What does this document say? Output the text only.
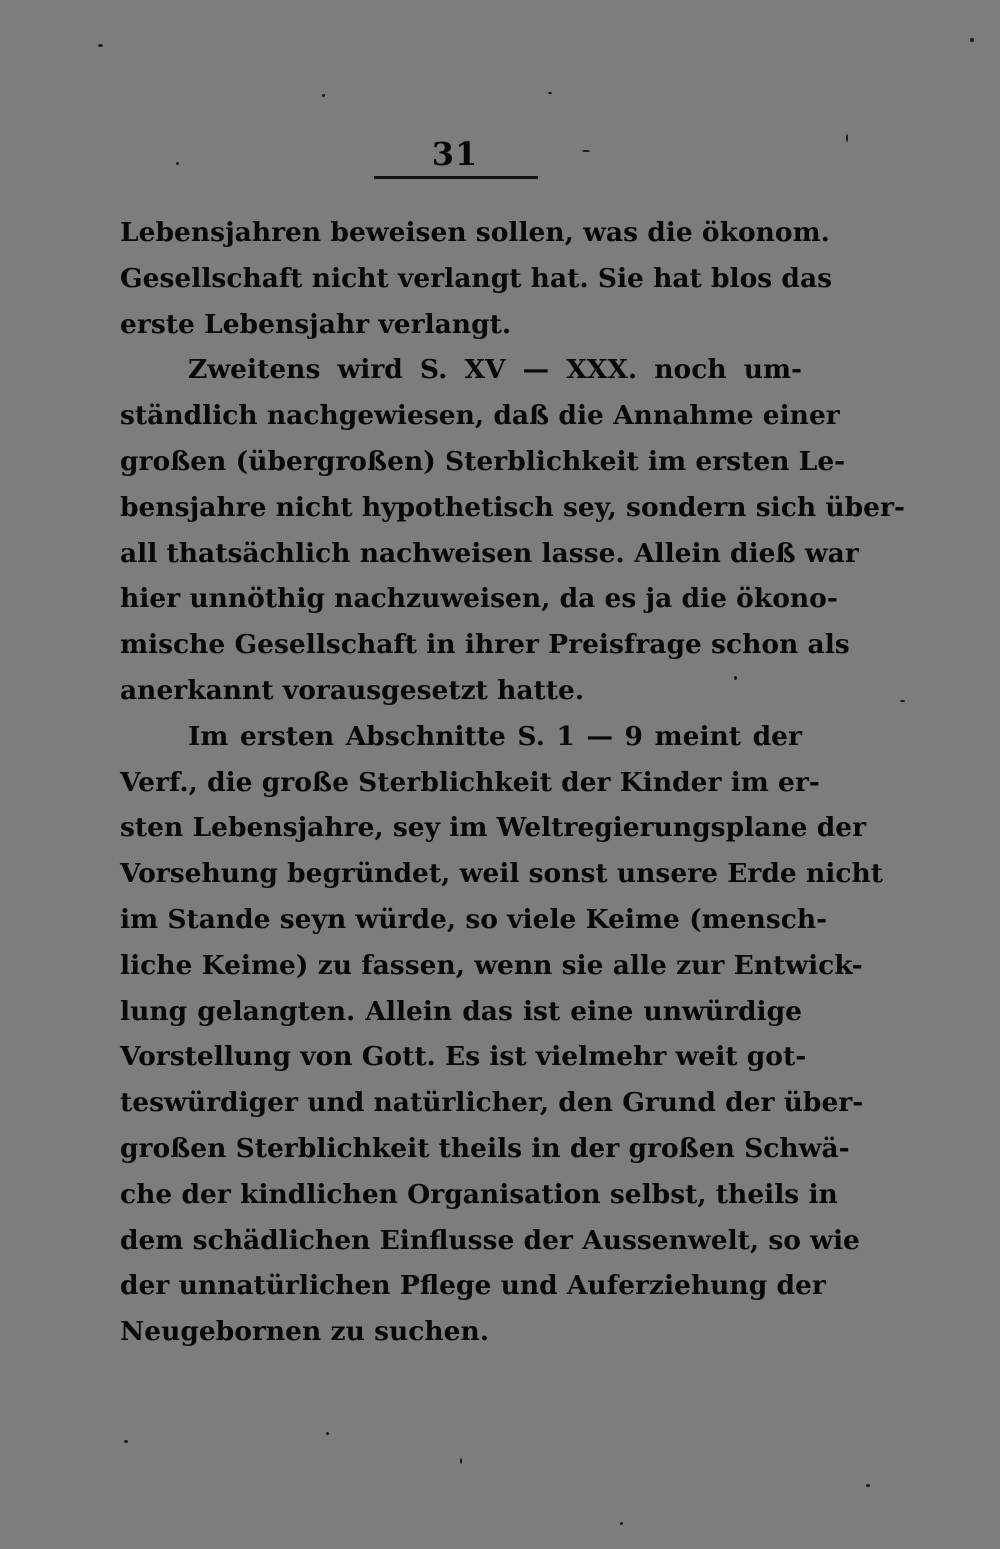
31
Lebensjahren beweisen sollen, was die ökonom.
Gesellschaft nicht verlangt hat. Sie hat blos das
erste Lebensjahr verlangt.
Zweitens wird S. XV — XXX. noch um-
ständlich nachgewiesen, daß die Annahme einer
großen (übergroßen) Sterblichkeit im ersten Le-
bensjahre nicht hypothetisch sey, sondern sich über-
all thatsächlich nachweisen lasse. Allein dieß war
hier unnöthig nachzuweisen, da es ja die ökono-
mische Gesellschaft in ihrer Preisfrage schon als
anerkannt vorausgesetzt hatte.
Im ersten Abschnitte S. 1 — 9 meint der
Verf., die große Sterblichkeit der Kinder im er-
sten Lebensjahre, sey im Weltregierungsplane der
Vorsehung begründet, weil sonst unsere Erde nicht
im Stande seyn würde, so viele Keime (mensch-
liche Keime) zu fassen, wenn sie alle zur Entwick-
lung gelangten. Allein das ist eine unwürdige
Vorstellung von Gott. Es ist vielmehr weit got-
teswürdiger und natürlicher, den Grund der über-
großen Sterblichkeit theils in der großen Schwä-
che der kindlichen Organisation selbst, theils in
dem schädlichen Einflusse der Aussenwelt, so wie
der unnatürlichen Pflege und Auferziehung der
Neugebornen zu suchen.
